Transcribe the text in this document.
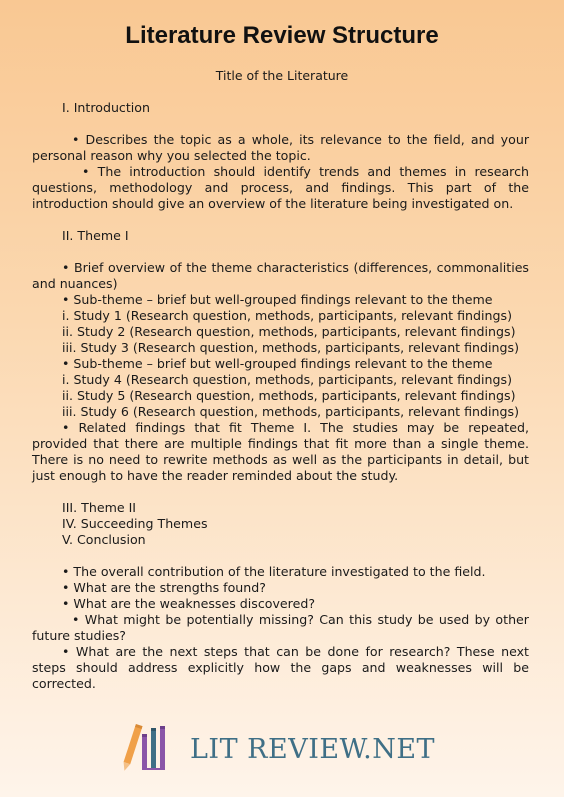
Literature Review Structure
Title of the Literature

I. Introduction

• Describes the topic as a whole, its relevance to the field, and your personal reason why you selected the topic.

• The introduction should identify trends and themes in research questions, methodology and process, and findings. This part of the introduction should give an overview of the literature being investigated on.

II. Theme I

• Brief overview of the theme characteristics (differences, commonalities and nuances)

• Sub-theme – brief but well-grouped findings relevant to the theme

i. Study 1 (Research question, methods, participants, relevant findings)

ii. Study 2 (Research question, methods, participants, relevant findings)

iii. Study 3 (Research question, methods, participants, relevant findings)

• Sub-theme – brief but well-grouped findings relevant to the theme

i. Study 4 (Research question, methods, participants, relevant findings)

ii. Study 5 (Research question, methods, participants, relevant findings)

iii. Study 6 (Research question, methods, participants, relevant findings)

• Related findings that fit Theme I. The studies may be repeated, provided that there are multiple findings that fit more than a single theme. There is no need to rewrite methods as well as the participants in detail, but just enough to have the reader reminded about the study.

III. Theme II

IV. Succeeding Themes

V. Conclusion

• The overall contribution of the literature investigated to the field.

• What are the strengths found?

• What are the weaknesses discovered?

• What might be potentially missing? Can this study be used by other future studies?

• What are the next steps that can be done for research? These next steps should address explicitly how the gaps and weaknesses will be corrected.

LIT REVIEW.NET
